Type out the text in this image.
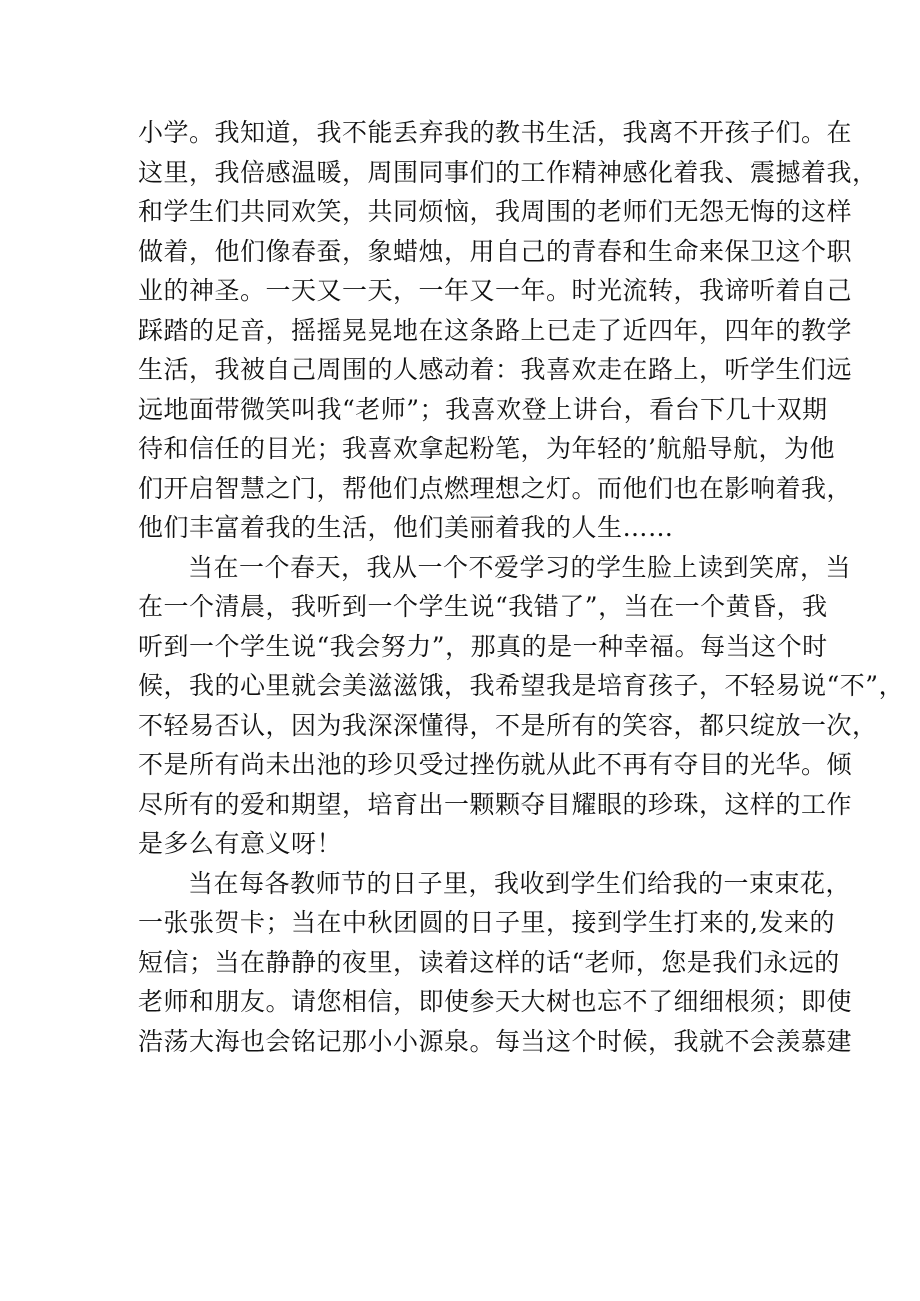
小学。我知道，我不能丢弃我的教书生活，我离不开孩子们。在
这里，我倍感温暖，周围同事们的工作精神感化着我、震撼着我，
和学生们共同欢笑，共同烦恼，我周围的老师们无怨无悔的这样
做着，他们像春蚕，象蜡烛，用自己的青春和生命来保卫这个职
业的神圣。一天又一天，一年又一年。时光流转，我谛听着自己
踩踏的足音，摇摇晃晃地在这条路上已走了近四年，四年的教学
生活，我被自己周围的人感动着：我喜欢走在路上，听学生们远
远地面带微笑叫我“老师”；我喜欢登上讲台，看台下几十双期
待和信任的目光；我喜欢拿起粉笔，为年轻的’航船导航，为他
们开启智慧之门，帮他们点燃理想之灯。而他们也在影响着我，
他们丰富着我的生活，他们美丽着我的人生……
当在一个春天，我从一个不爱学习的学生脸上读到笑席，当
在一个清晨，我听到一个学生说“我错了”，当在一个黄昏，我
听到一个学生说“我会努力”，那真的是一种幸福。每当这个时
候，我的心里就会美滋滋饿，我希望我是培育孩子，不轻易说“不”，
不轻易否认，因为我深深懂得，不是所有的笑容，都只绽放一次，
不是所有尚未出池的珍贝受过挫伤就从此不再有夺目的光华。倾
尽所有的爱和期望，培育出一颗颗夺目耀眼的珍珠，这样的工作
是多么有意义呀！
当在每各教师节的日子里，我收到学生们给我的一束束花，
一张张贺卡；当在中秋团圆的日子里，接到学生打来的,发来的
短信；当在静静的夜里，读着这样的话“老师，您是我们永远的
老师和朋友。请您相信，即使参天大树也忘不了细细根须；即使
浩荡大海也会铭记那小小源泉。每当这个时候，我就不会羡慕建
